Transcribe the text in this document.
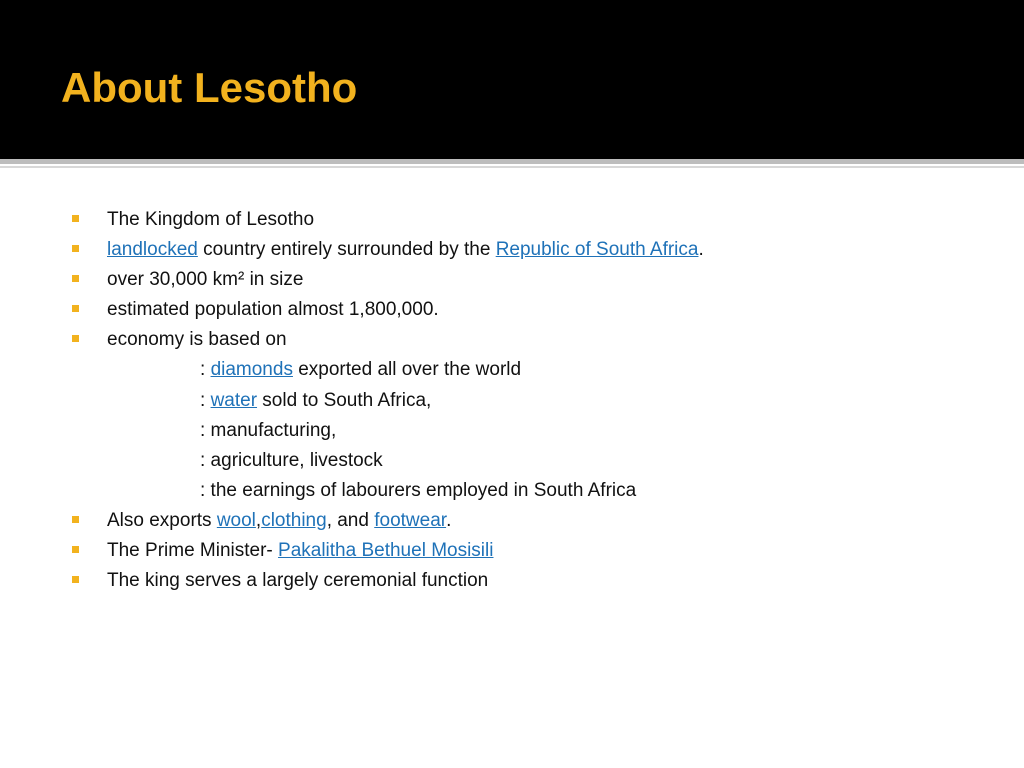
About Lesotho
The Kingdom of Lesotho
landlocked country entirely surrounded by the Republic of South Africa.
over 30,000 km² in size
estimated population almost 1,800,000.
economy is based on
: diamonds exported all over the world
: water sold to South Africa,
: manufacturing,
: agriculture, livestock
: the earnings of labourers employed in South Africa
Also exports wool,clothing, and footwear.
The Prime Minister- Pakalitha Bethuel Mosisili
The king serves a largely ceremonial function
